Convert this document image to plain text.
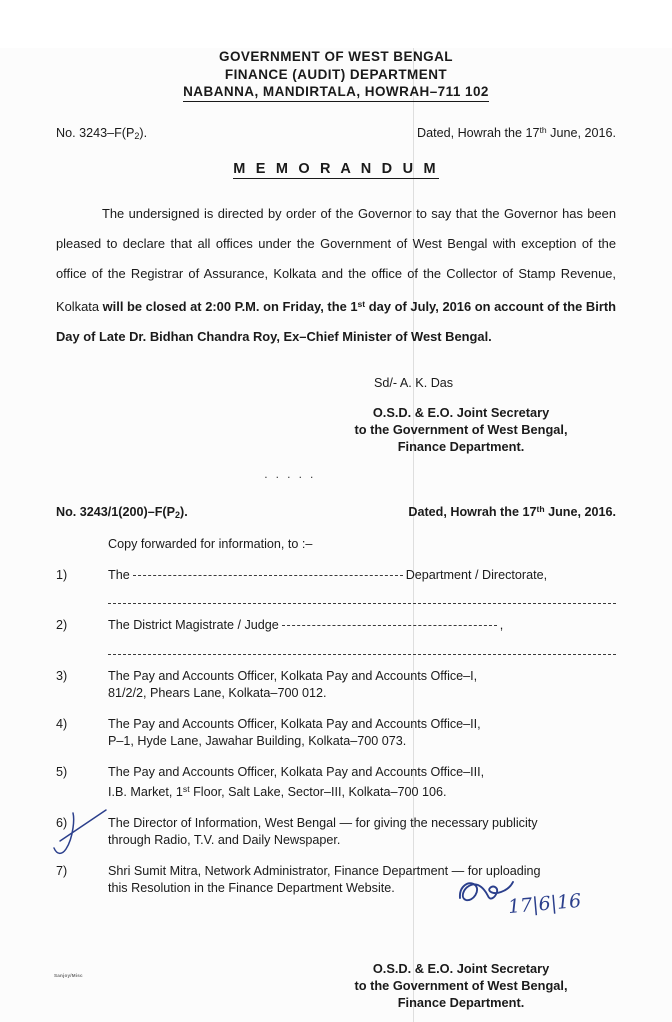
GOVERNMENT OF WEST BENGAL
FINANCE (AUDIT) DEPARTMENT
NABANNA, MANDIRTALA, HOWRAH–711 102
No. $3243-F(P_2)$.	Dated, Howrah the 17th June, 2016.
M E M O R A N D U M
The undersigned is directed by order of the Governor to say that the Governor has been pleased to declare that all offices under the Government of West Bengal with exception of the office of the Registrar of Assurance, Kolkata and the office of the Collector of Stamp Revenue, Kolkata will be closed at 2:00 P.M. on Friday, the 1st day of July, 2016 on account of the Birth Day of Late Dr. Bidhan Chandra Roy, Ex–Chief Minister of West Bengal.
Sd/- A. K. Das
O.S.D. & E.O. Joint Secretary
to the Government of West Bengal,
Finance Department.
. . . . .
No. $3243/1(200)-F(P_2)$.	Dated, Howrah the 17th June, 2016.
Copy forwarded for information, to :–
1)	The	Department / Directorate,
2)	The District Magistrate / Judge	,
3)	The Pay and Accounts Officer, Kolkata Pay and Accounts Office–I,
81/2/2, Phears Lane, Kolkata–700 012.
4)	The Pay and Accounts Officer, Kolkata Pay and Accounts Office–II,
P–1, Hyde Lane, Jawahar Building, Kolkata–700 073.
5)	The Pay and Accounts Officer, Kolkata Pay and Accounts Office–III,
I.B. Market, 1st Floor, Salt Lake, Sector–III, Kolkata–700 106.
6)	The Director of Information, West Bengal — for giving the necessary publicity
through Radio, T.V. and Daily Newspaper.
7)	Shri Sumit Mitra, Network Administrator, Finance Department — for uploading
this Resolution in the Finance Department Website.
O.S.D. & E.O. Joint Secretary
to the Government of West Bengal,
Finance Department.
17|6|16
Sanjoy/Misc
